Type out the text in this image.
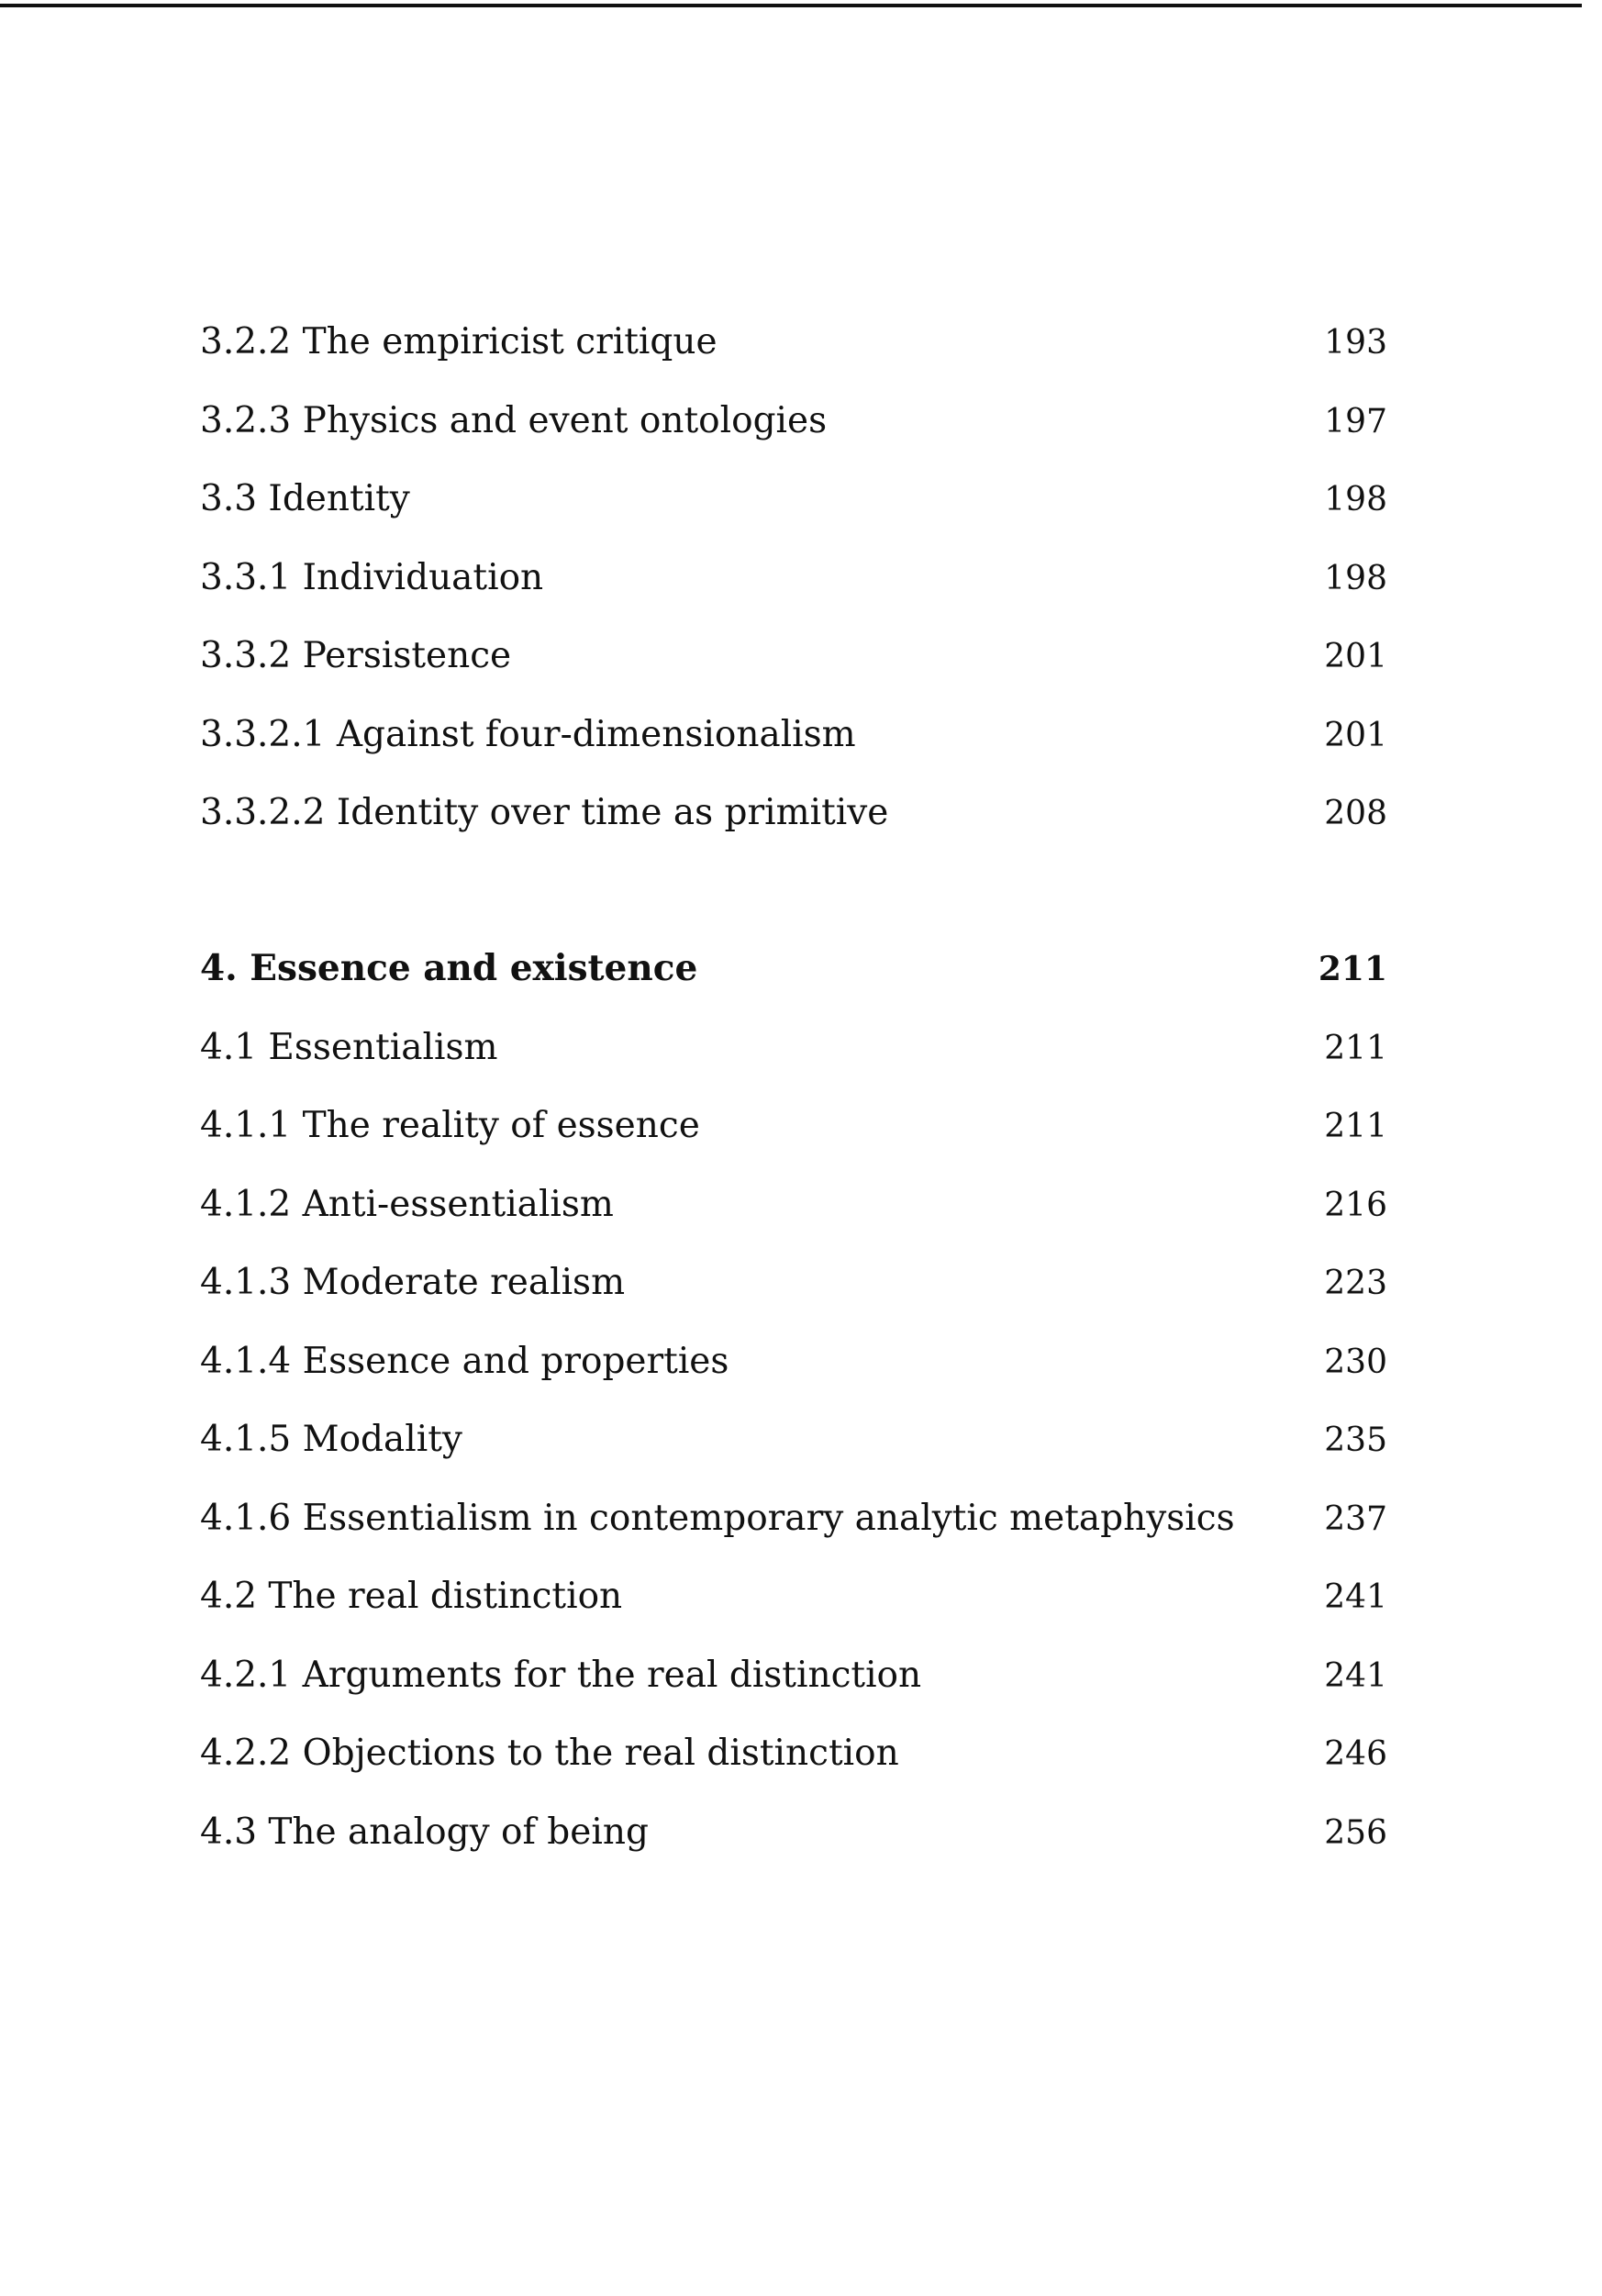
3.2.2 The empiricist critique	193
3.2.3 Physics and event ontologies	197
3.3 Identity	198
3.3.1 Individuation	198
3.3.2 Persistence	201
3.3.2.1 Against four-dimensionalism	201
3.3.2.2 Identity over time as primitive	208
4. Essence and existence	211
4.1 Essentialism	211
4.1.1 The reality of essence	211
4.1.2 Anti-essentialism	216
4.1.3 Moderate realism	223
4.1.4 Essence and properties	230
4.1.5 Modality	235
4.1.6 Essentialism in contemporary analytic metaphysics	237
4.2 The real distinction	241
4.2.1 Arguments for the real distinction	241
4.2.2 Objections to the real distinction	246
4.3 The analogy of being	256
